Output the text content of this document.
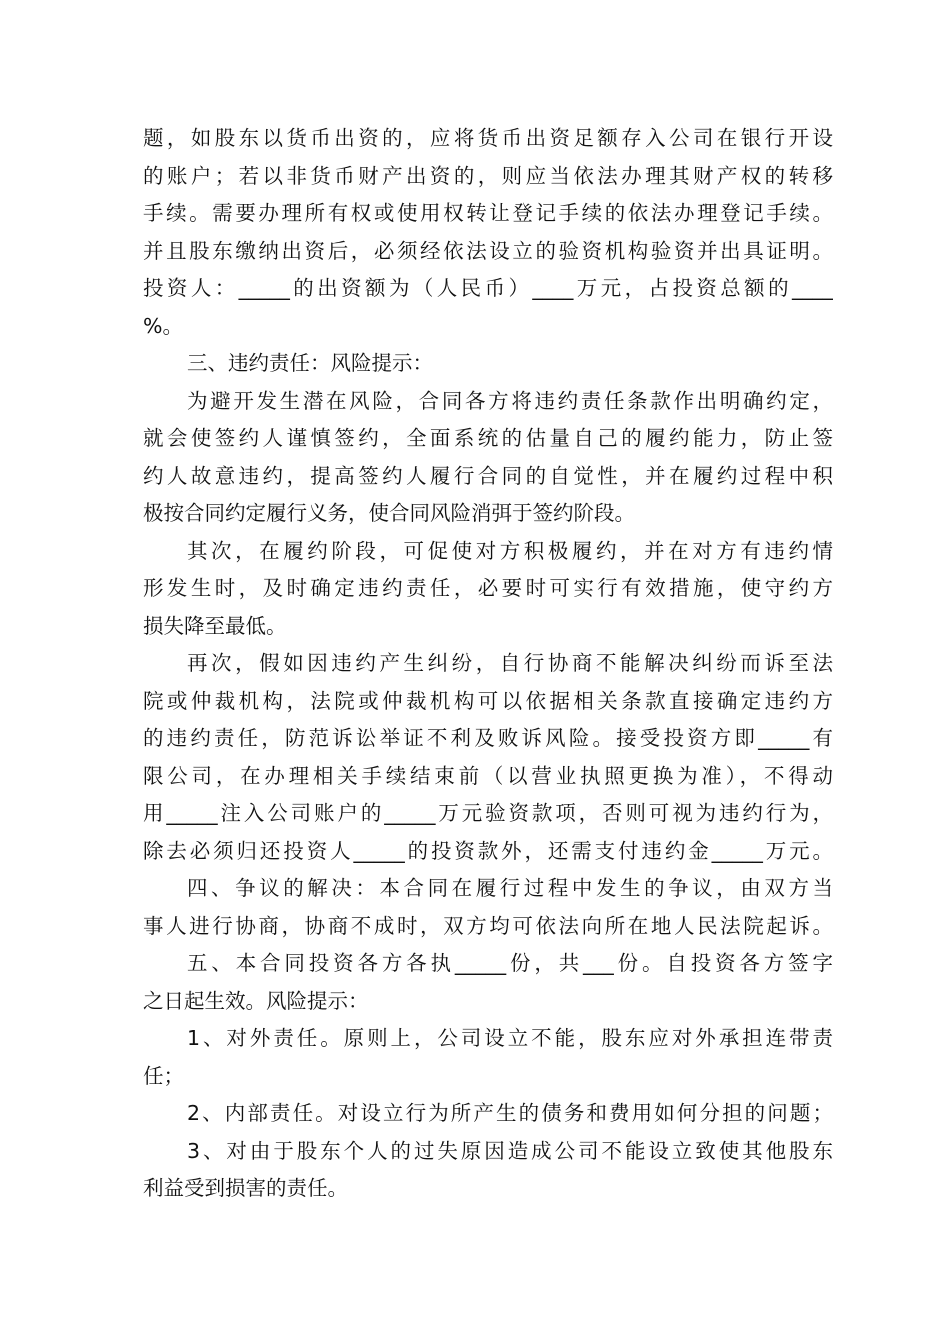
题，如股东以货币出资的，应将货币出资足额存入公司在银行开设
的账户；若以非货币财产出资的，则应当依法办理其财产权的转移
手续。需要办理所有权或使用权转让登记手续的依法办理登记手续。
并且股东缴纳出资后，必须经依法设立的验资机构验资并出具证明。
投资人：_____的出资额为（人民币）____万元，占投资总额的____
%。
三、违约责任：风险提示：
为避开发生潜在风险，合同各方将违约责任条款作出明确约定，
就会使签约人谨慎签约，全面系统的估量自己的履约能力，防止签
约人故意违约，提高签约人履行合同的自觉性，并在履约过程中积
极按合同约定履行义务，使合同风险消弭于签约阶段。
其次，在履约阶段，可促使对方积极履约，并在对方有违约情
形发生时，及时确定违约责任，必要时可实行有效措施，使守约方
损失降至最低。
再次，假如因违约产生纠纷，自行协商不能解决纠纷而诉至法
院或仲裁机构，法院或仲裁机构可以依据相关条款直接确定违约方
的违约责任，防范诉讼举证不利及败诉风险。接受投资方即_____有
限公司，在办理相关手续结束前（以营业执照更换为准），不得动
用_____注入公司账户的_____万元验资款项，否则可视为违约行为，
除去必须归还投资人_____的投资款外，还需支付违约金_____万元。
四、争议的解决：本合同在履行过程中发生的争议，由双方当
事人进行协商，协商不成时，双方均可依法向所在地人民法院起诉。
五、本合同投资各方各执_____份，共___份。自投资各方签字
之日起生效。风险提示：
1、对外责任。原则上，公司设立不能，股东应对外承担连带责
任；
2、内部责任。对设立行为所产生的债务和费用如何分担的问题；
3、对由于股东个人的过失原因造成公司不能设立致使其他股东
利益受到损害的责任。
